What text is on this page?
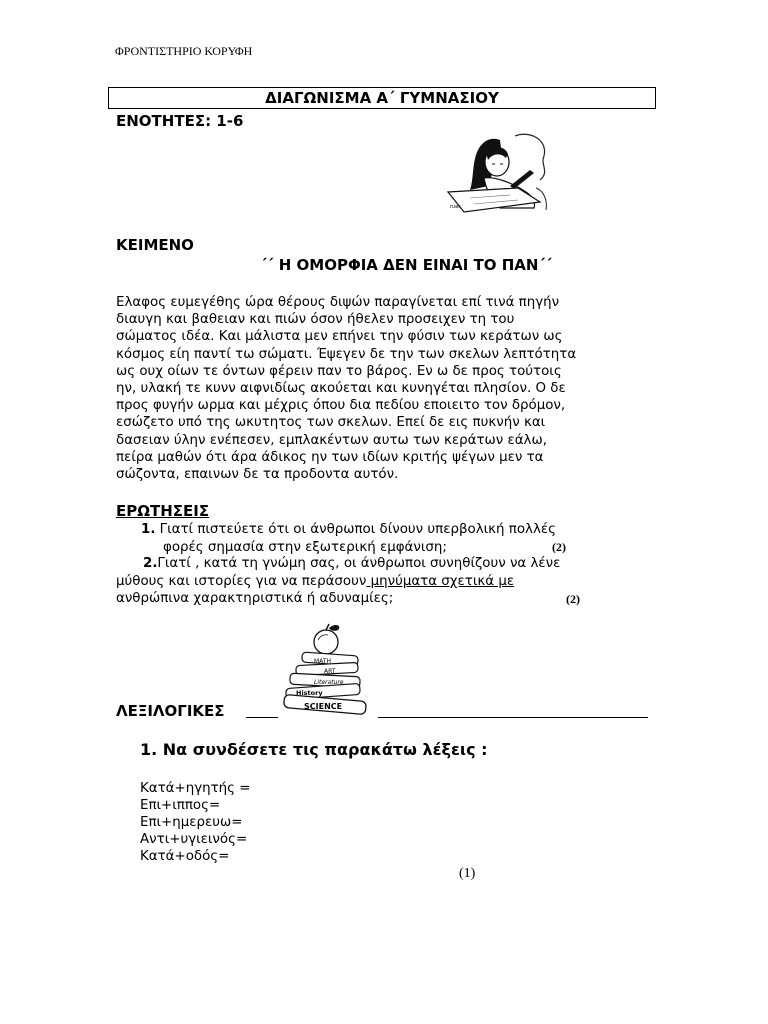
ΦΡΟΝΤΙΣΤΗΡΙΟ ΚΟΡΥΦΗ
ΔΙΑΓΩΝΙΣΜΑ Α΄ ΓΥΜΝΑΣΙΟΥ
ΕΝΟΤΗΤΕΣ: 1-6
ruer
ΚΕΙΜΕΝΟ
΄΄ Η ΟΜΟΡΦΙΑ ΔΕΝ ΕΙΝΑΙ ΤΟ ΠΑΝ΄΄
Ελαφος ευμεγέθης ώρα θέρους διψών παραγίνεται επί τινά πηγήν
διαυγη και βαθειαν και πιών όσον ήθελεν προσειχεν τη του
σώματος ιδέα. Και μάλιστα μεν επήνει την φύσιν των κεράτων ως
κόσμος είη παντί τω σώματι. Έψεγεν δε την των σκελων λεπτότητα
ως ουχ οίων τε όντων φέρειν παν το βάρος. Εν ω δε προς τούτοις
ην, υλακή τε κυνν αιφνιδίως ακούεται και κυνηγέται πλησίον. Ο δε
προς φυγήν ωρμα και μέχρις όπου δια πεδίου εποιειτο τον δρόμον,
εσώζετο υπό της ωκυτητος των σκελων. Επεί δε εις πυκνήν και
δασειαν ύλην ενέπεσεν, εμπλακέντων αυτω των κεράτων εάλω,
πείρα μαθών ότι άρα άδικος ην των ιδίων κριτής ψέγων μεν τα
σώζοντα, επαινων δε τα προδοντα αυτόν.
ΕΡΩΤΗΣΕΙΣ
1. Γιατί πιστεύετε ότι οι άνθρωποι δίνουν υπερβολική πολλές
φορές σημασία στην εξωτερική εμφάνιση;	(2)
2.Γιατί , κατά τη γνώμη σας, οι άνθρωποι συνηθίζουν να λένε
μύθους και ιστορίες για να περάσουν μηνύματα σχετικά με
ανθρώπινα χαρακτηριστικά ή αδυναμίες;	(2)
MATH
ART
Literature
History
SCIENCE
ΛΕΞΙΛΟΓΙΚΕΣ
1. Να συνδέσετε τις παρακάτω λέξεις :
Κατά+ηγητής =
Επι+ιππος=
Επι+ημερευω=
Αντι+υγιεινός=
Κατά+οδός=
(1)
